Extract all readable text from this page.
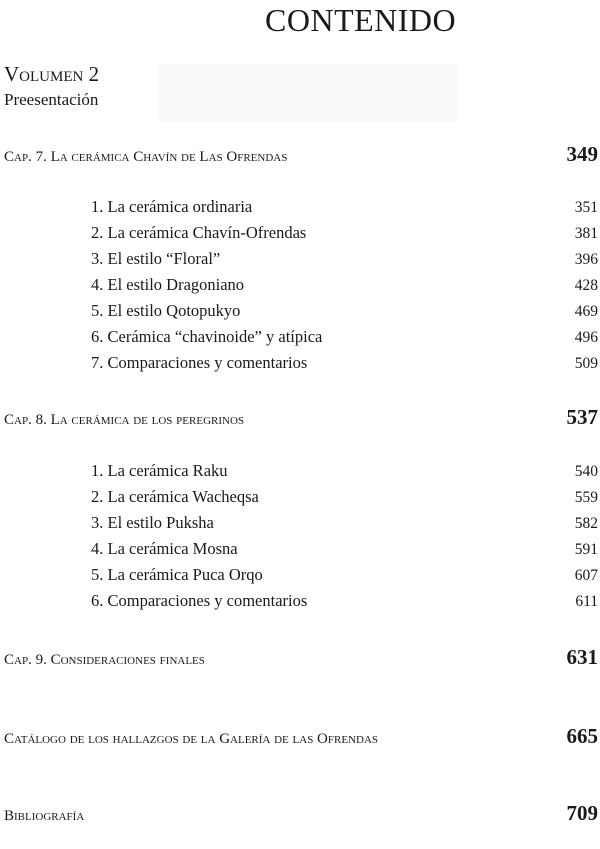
CONTENIDO
Volumen 2
Preesentación
Cap. 7. La cerámica Chavín de Las Ofrendas	349
1. La cerámica ordinaria	351
2. La cerámica Chavín-Ofrendas	381
3. El estilo “Floral”	396
4. El estilo Dragoniano	428
5. El estilo Qotopukyo	469
6. Cerámica “chavinoide” y atípica	496
7. Comparaciones y comentarios	509
Cap. 8. La cerámica de los peregrinos	537
1. La cerámica Raku	540
2. La cerámica Wacheqsa	559
3. El estilo Puksha	582
4. La cerámica Mosna	591
5. La cerámica Puca Orqo	607
6. Comparaciones y comentarios	611
Cap. 9. Consideraciones finales	631
Catálogo de los hallazgos de la Galería de las Ofrendas	665
Bibliografía	709
